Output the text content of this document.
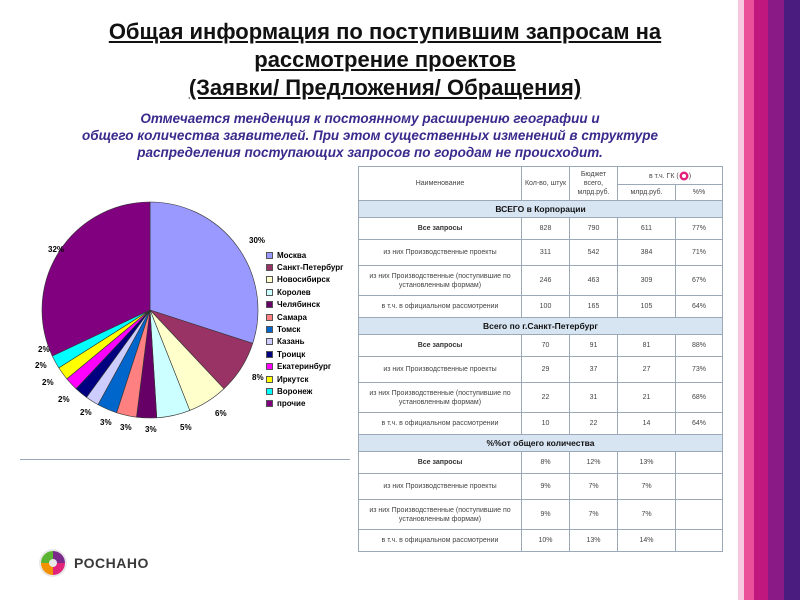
Общая информация по поступившим запросам на
рассмотрение проектов
(Заявки/ Предложения/ Обращения)
Отмечается тенденция к постоянному расширению географии и
общего количества заявителей. При этом существенных изменений в структуре
распределения поступающих запросов по городам не происходит.
30%
8%
6%
5%
3%
3%
3%
2%
2%
2%
2%
2%
32%
Москва
Санкт-Петербург
Новосибирск
Королев
Челябинск
Самара
Томск
Казань
Троицк
Екатеринбург
Иркутск
Воронеж
прочие
Наименование	Кол-во, штук	Бюджет всего, млрд.руб.	в т.ч. ГК ( )	
			млрд.руб.	%%
ВСЕГО в Корпорации				
Все запросы	828	790	611	77%
из них Производственные проекты	311	542	384	71%
из них Производственные (поступившие по установленным формам)	246	463	309	67%
в т.ч. в официальном рассмотрении	100	165	105	64%
Всего по г.Санкт-Петербург				
Все запросы	70	91	81	88%
из них Производственные проекты	29	37	27	73%
из них Производственные (поступившие по установленным формам)	22	31	21	68%
в т.ч. в официальном рассмотрении	10	22	14	64%
%%от общего количества				
Все запросы	8%	12%	13%	
из них Производственные проекты	9%	7%	7%	
из них Производственные (поступившие по установленным формам)	9%	7%	7%	
в т.ч. в официальном рассмотрении	10%	13%	14%	
РОСНАНО
